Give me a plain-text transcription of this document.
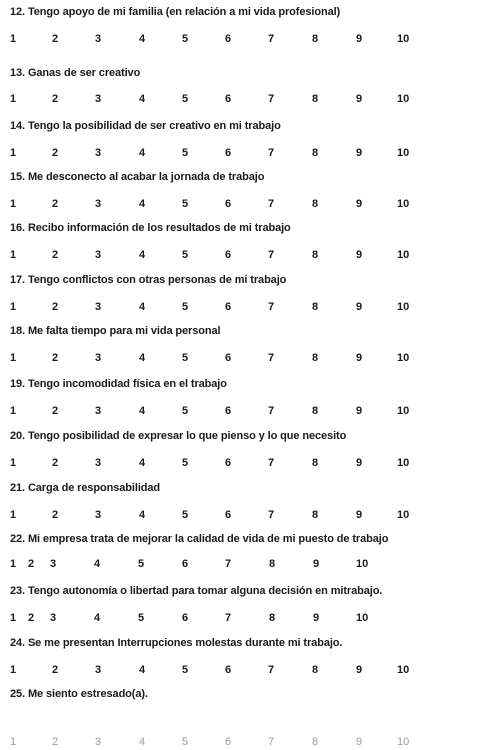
12. Tengo apoyo de mi familia (en relación a mi vida profesional)
1	2	3	4	5	6	7	8	9	10
13. Ganas de ser creativo
1	2	3	4	5	6	7	8	9	10
14. Tengo la posibilidad de ser creativo en mi trabajo
1	2	3	4	5	6	7	8	9	10
15. Me desconecto al acabar la jornada de trabajo
1	2	3	4	5	6	7	8	9	10
16. Recibo información de los resultados de mi trabajo
1	2	3	4	5	6	7	8	9	10
17. Tengo conflictos con otras personas de mi trabajo
1	2	3	4	5	6	7	8	9	10
18. Me falta tiempo para mi vida personal
1	2	3	4	5	6	7	8	9	10
19. Tengo incomodidad física en el trabajo
1	2	3	4	5	6	7	8	9	10
20. Tengo posibilidad de expresar lo que pienso y lo que necesito
1	2	3	4	5	6	7	8	9	10
21. Carga de responsabilidad
1	2	3	4	5	6	7	8	9	10
22. Mi empresa trata de mejorar la calidad de vida de mi puesto de trabajo
1 2 3	4	5	6	7	8	9	10
23. Tengo autonomía o libertad para tomar alguna decisión en mitrabajo.
1 2 3	4	5	6	7	8	9	10
24. Se me presentan Interrupciones molestas durante mi trabajo.
1	2	3	4	5	6	7	8	9	10
25. Me siento estresado(a).
1	2	3	4	5	6	7	8	9	10
